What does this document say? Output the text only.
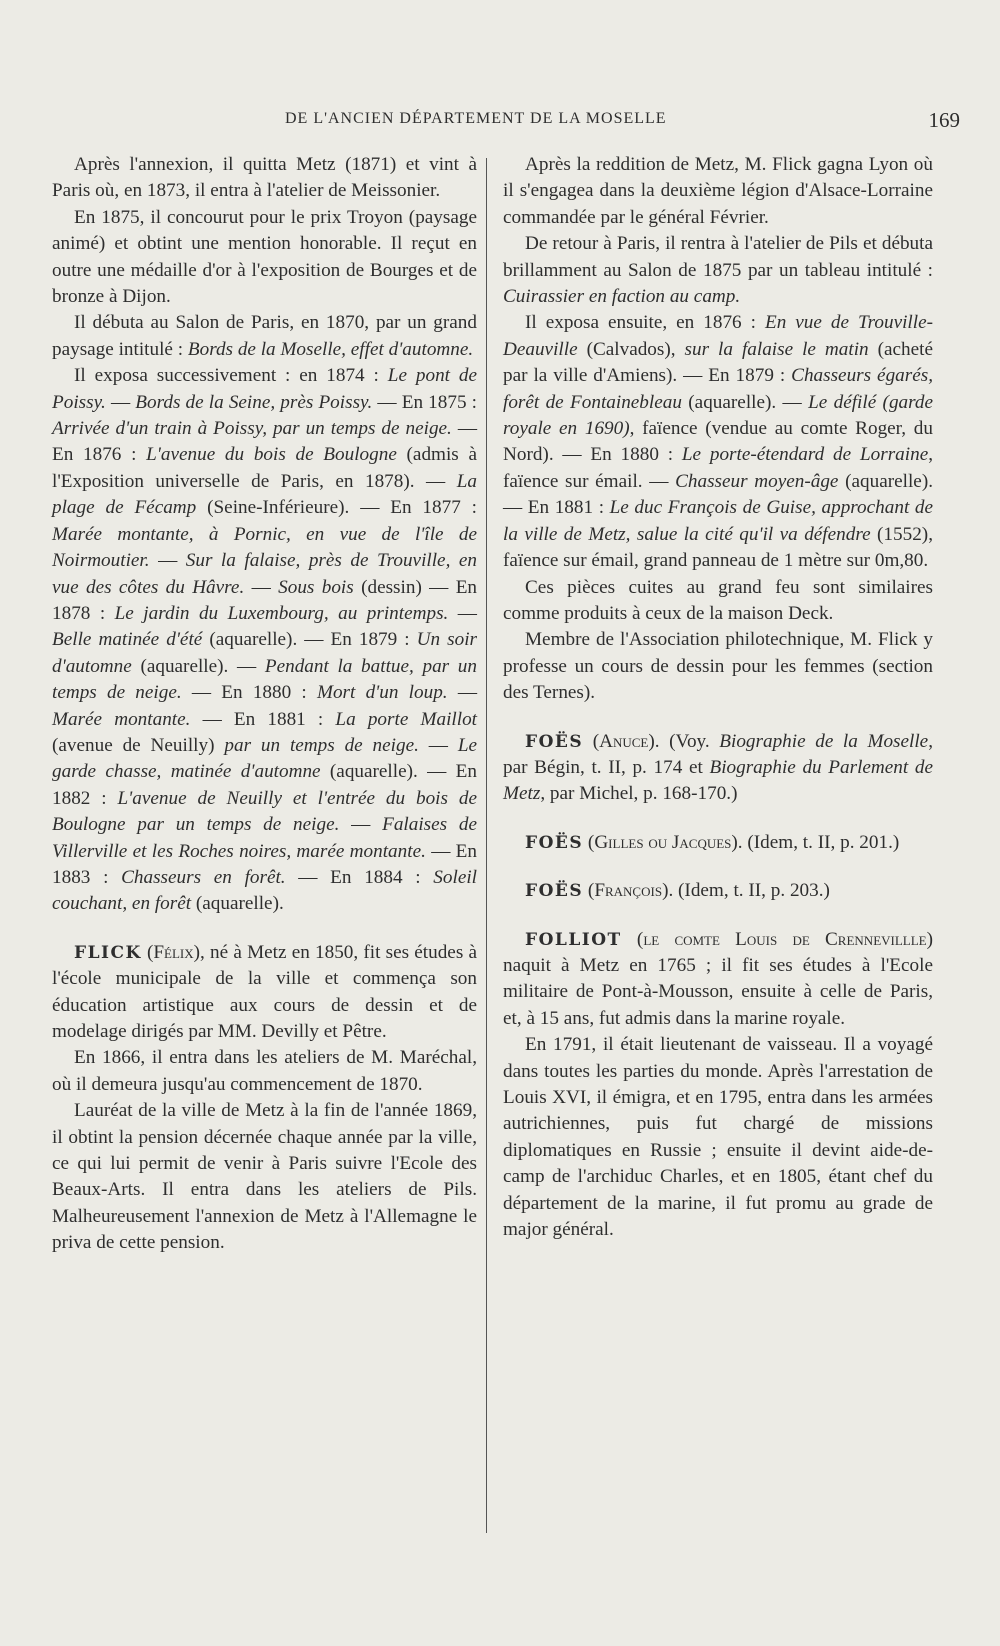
DE L'ANCIEN DÉPARTEMENT DE LA MOSELLE	169

Après l'annexion, il quitta Metz (1871) et vint à Paris où, en 1873, il entra à l'atelier de Meissonier.

En 1875, il concourut pour le prix Troyon (paysage animé) et obtint une mention honorable. Il reçut en outre une médaille d'or à l'exposition de Bourges et de bronze à Dijon.

Il débuta au Salon de Paris, en 1870, par un grand paysage intitulé : Bords de la Moselle, effet d'automne.

Il exposa successivement : en 1874 : Le pont de Poissy. — Bords de la Seine, près Poissy. — En 1875 : Arrivée d'un train à Poissy, par un temps de neige. — En 1876 : L'avenue du bois de Boulogne (admis à l'Exposition universelle de Paris, en 1878). — La plage de Fécamp (Seine-Inférieure). — En 1877 : Marée montante, à Pornic, en vue de l'île de Noirmoutier. — Sur la falaise, près de Trouville, en vue des côtes du Hâvre. — Sous bois (dessin) — En 1878 : Le jardin du Luxembourg, au printemps. — Belle matinée d'été (aquarelle). — En 1879 : Un soir d'automne (aquarelle). — Pendant la battue, par un temps de neige. — En 1880 : Mort d'un loup. — Marée montante. — En 1881 : La porte Maillot (avenue de Neuilly) par un temps de neige. — Le garde chasse, matinée d'automne (aquarelle). — En 1882 : L'avenue de Neuilly et l'entrée du bois de Boulogne par un temps de neige. — Falaises de Villerville et les Roches noires, marée montante. — En 1883 : Chasseurs en forêt. — En 1884 : Soleil couchant, en forêt (aquarelle).

FLICK (Félix), né à Metz en 1850, fit ses études à l'école municipale de la ville et commença son éducation artistique aux cours de dessin et de modelage dirigés par MM. Devilly et Pêtre.

En 1866, il entra dans les ateliers de M. Maréchal, où il demeura jusqu'au commencement de 1870.

Lauréat de la ville de Metz à la fin de l'année 1869, il obtint la pension décernée chaque année par la ville, ce qui lui permit de venir à Paris suivre l'Ecole des Beaux-Arts. Il entra dans les ateliers de Pils. Malheureusement l'annexion de Metz à l'Allemagne le priva de cette pension.

Après la reddition de Metz, M. Flick gagna Lyon où il s'engagea dans la deuxième légion d'Alsace-Lorraine commandée par le général Février.

De retour à Paris, il rentra à l'atelier de Pils et débuta brillamment au Salon de 1875 par un tableau intitulé : Cuirassier en faction au camp.

Il exposa ensuite, en 1876 : En vue de Trouville-Deauville (Calvados), sur la falaise le matin (acheté par la ville d'Amiens). — En 1879 : Chasseurs égarés, forêt de Fontainebleau (aquarelle). — Le défilé (garde royale en 1690), faïence (vendue au comte Roger, du Nord). — En 1880 : Le porte-étendard de Lorraine, faïence sur émail. — Chasseur moyen-âge (aquarelle). — En 1881 : Le duc François de Guise, approchant de la ville de Metz, salue la cité qu'il va défendre (1552), faïence sur émail, grand panneau de 1 mètre sur 0m,80.

Ces pièces cuites au grand feu sont similaires comme produits à ceux de la maison Deck.

Membre de l'Association philotechnique, M. Flick y professe un cours de dessin pour les femmes (section des Ternes).

FOËS (Anuce). (Voy. Biographie de la Moselle, par Bégin, t. II, p. 174 et Biographie du Parlement de Metz, par Michel, p. 168-170.)

FOËS (Gilles ou Jacques). (Idem, t. II, p. 201.)

FOËS (François). (Idem, t. II, p. 203.)

FOLLIOT (le comte Louis de Crennevillle) naquit à Metz en 1765 ; il fit ses études à l'Ecole militaire de Pont-à-Mousson, ensuite à celle de Paris, et, à 15 ans, fut admis dans la marine royale.

En 1791, il était lieutenant de vaisseau. Il a voyagé dans toutes les parties du monde. Après l'arrestation de Louis XVI, il émigra, et en 1795, entra dans les armées autrichiennes, puis fut chargé de missions diplomatiques en Russie ; ensuite il devint aide-de-camp de l'archiduc Charles, et en 1805, étant chef du département de la marine, il fut promu au grade de major général.
